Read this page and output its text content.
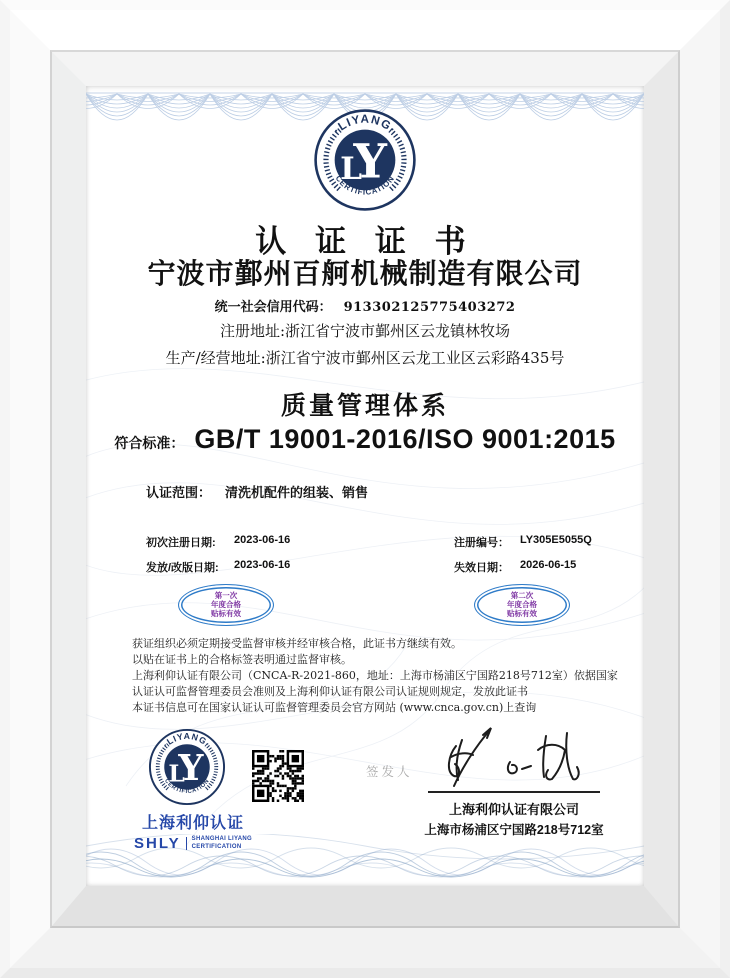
认 证 证 书
宁波市鄞州百舸机械制造有限公司
统一社会信用代码： 913302125775403272
注册地址:浙江省宁波市鄞州区云龙镇林牧场
生产/经营地址:浙江省宁波市鄞州区云龙工业区云彩路435号
质量管理体系
符合标准： GB/T 19001-2016/ISO 9001:2015
认证范围： 清洗机配件的组装、销售
初次注册日期:	2023-06-16
发放/改版日期:	2023-06-16
注册编号：	LY305E5055Q
失效日期：	2026-06-15
第一次
年度合格
贴标有效
第二次
年度合格
贴标有效

获证组织必须定期接受监督审核并经审核合格，此证书方继续有效。

以贴在证书上的合格标签表明通过监督审核。

上海利仰认证有限公司（CNCA-R-2021-860，地址：上海市杨浦区宁国路218号712室）依据国家认证认可监督管理委员会准则及上海利仰认证有限公司认证规则规定，发放此证书

本证书信息可在国家认证认可监督管理委员会官方网站 (www.cnca.gov.cn)上查询

上海利仰认证
SHLY SHANGHAI LIYANG
CERTIFICATION
签发人
上海利仰认证有限公司
上海市杨浦区宁国路218号712室
